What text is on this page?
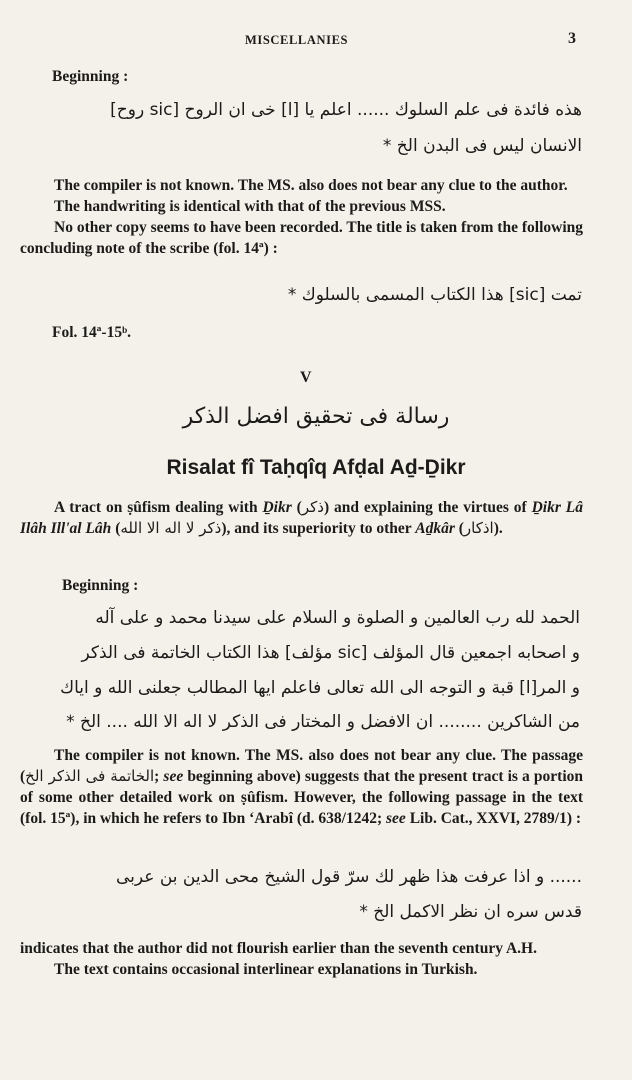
MISCELLANIES	3
Beginning :
هذه فائدة فی علم السلوك ...... اعلم یا [ا] خی ان الروح [sic روح]
الانسان لیس فی البدن الخ *

The compiler is not known. The MS. also does not bear any clue to the author.

The handwriting is identical with that of the previous MSS.

No other copy seems to have been recorded. The title is taken from the following concluding note of the scribe (fol. 14ª) :

تمت [sic] هذا الكتاب المسمی بالسلوك *
Fol. 14ª-15ᵇ.
V
رسالة فی تحقیق افضل الذکر
Risalat fî Taḥqîq Afḍal Aḏ-Ḏikr

A tract on ṣûfism dealing with Ḏikr (ذکر) and explaining the virtues of Ḏikr Lâ Ilâh Ill'al Lâh (ذکر لا اله الا الله), and its superiority to other Aḏkâr (اذکار).

Beginning :
الحمد لله رب العالمین و الصلوة و السلام علی سیدنا محمد و علی آله
و اصحابه اجمعین قال المؤلف [sic مؤلف] هذا الکتاب الخاتمة فی الذکر
و المر[ا] قبة و التوجه الی الله تعالی فاعلم ایها المطالب جعلنی الله و ایاك
من الشاکرین ........ ان الافضل و المختار فی الذکر لا اله الا الله .... الخ *

The compiler is not known. The MS. also does not bear any clue. The passage (الخاتمة فی الذکر الخ; see beginning above) suggests that the present tract is a portion of some other detailed work on ṣûfism. However, the following passage in the text (fol. 15ª), in which he refers to Ibn ‘Arabî (d. 638/1242; see Lib. Cat., XXVI, 2789/1) :

...... و اذا عرفت هذا ظهر لك سرّ قول الشیخ محی الدین بن عربی
قدس سره ان نظر الاکمل الخ *

indicates that the author did not flourish earlier than the seventh century A.H.

The text contains occasional interlinear explanations in Turkish.
